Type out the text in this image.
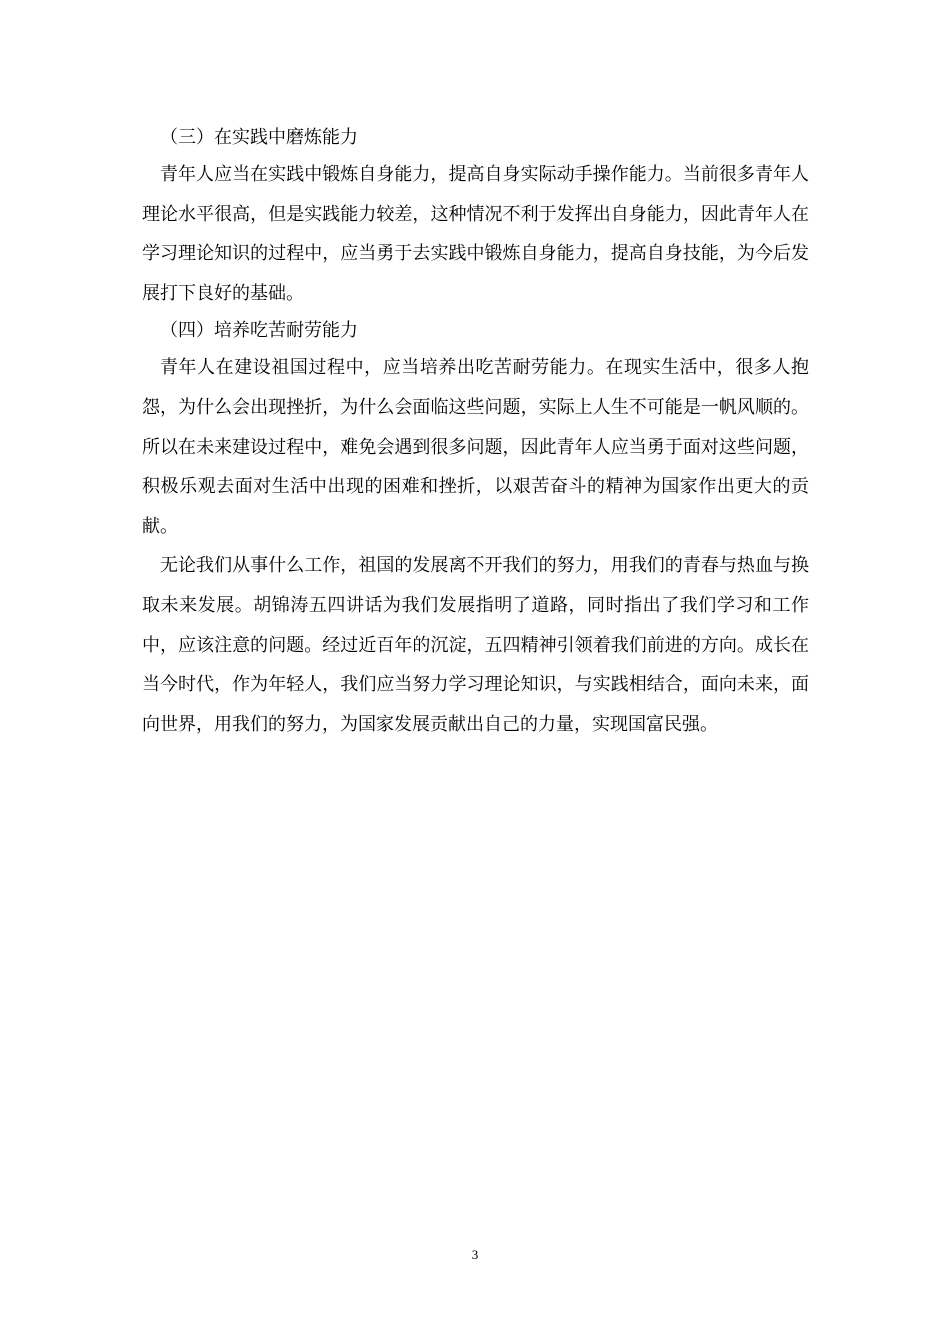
（三）在实践中磨炼能力

青年人应当在实践中锻炼自身能力，提高自身实际动手操作能力。当前很多青年人理论水平很高，但是实践能力较差，这种情况不利于发挥出自身能力，因此青年人在学习理论知识的过程中，应当勇于去实践中锻炼自身能力，提高自身技能，为今后发展打下良好的基础。

（四）培养吃苦耐劳能力

青年人在建设祖国过程中，应当培养出吃苦耐劳能力。在现实生活中，很多人抱怨，为什么会出现挫折，为什么会面临这些问题，实际上人生不可能是一帆风顺的。所以在未来建设过程中，难免会遇到很多问题，因此青年人应当勇于面对这些问题，积极乐观去面对生活中出现的困难和挫折，以艰苦奋斗的精神为国家作出更大的贡献。

无论我们从事什么工作，祖国的发展离不开我们的努力，用我们的青春与热血与换取未来发展。胡锦涛五四讲话为我们发展指明了道路，同时指出了我们学习和工作中，应该注意的问题。经过近百年的沉淀，五四精神引领着我们前进的方向。成长在当今时代，作为年轻人，我们应当努力学习理论知识，与实践相结合，面向未来，面向世界，用我们的努力，为国家发展贡献出自己的力量，实现国富民强。

3
